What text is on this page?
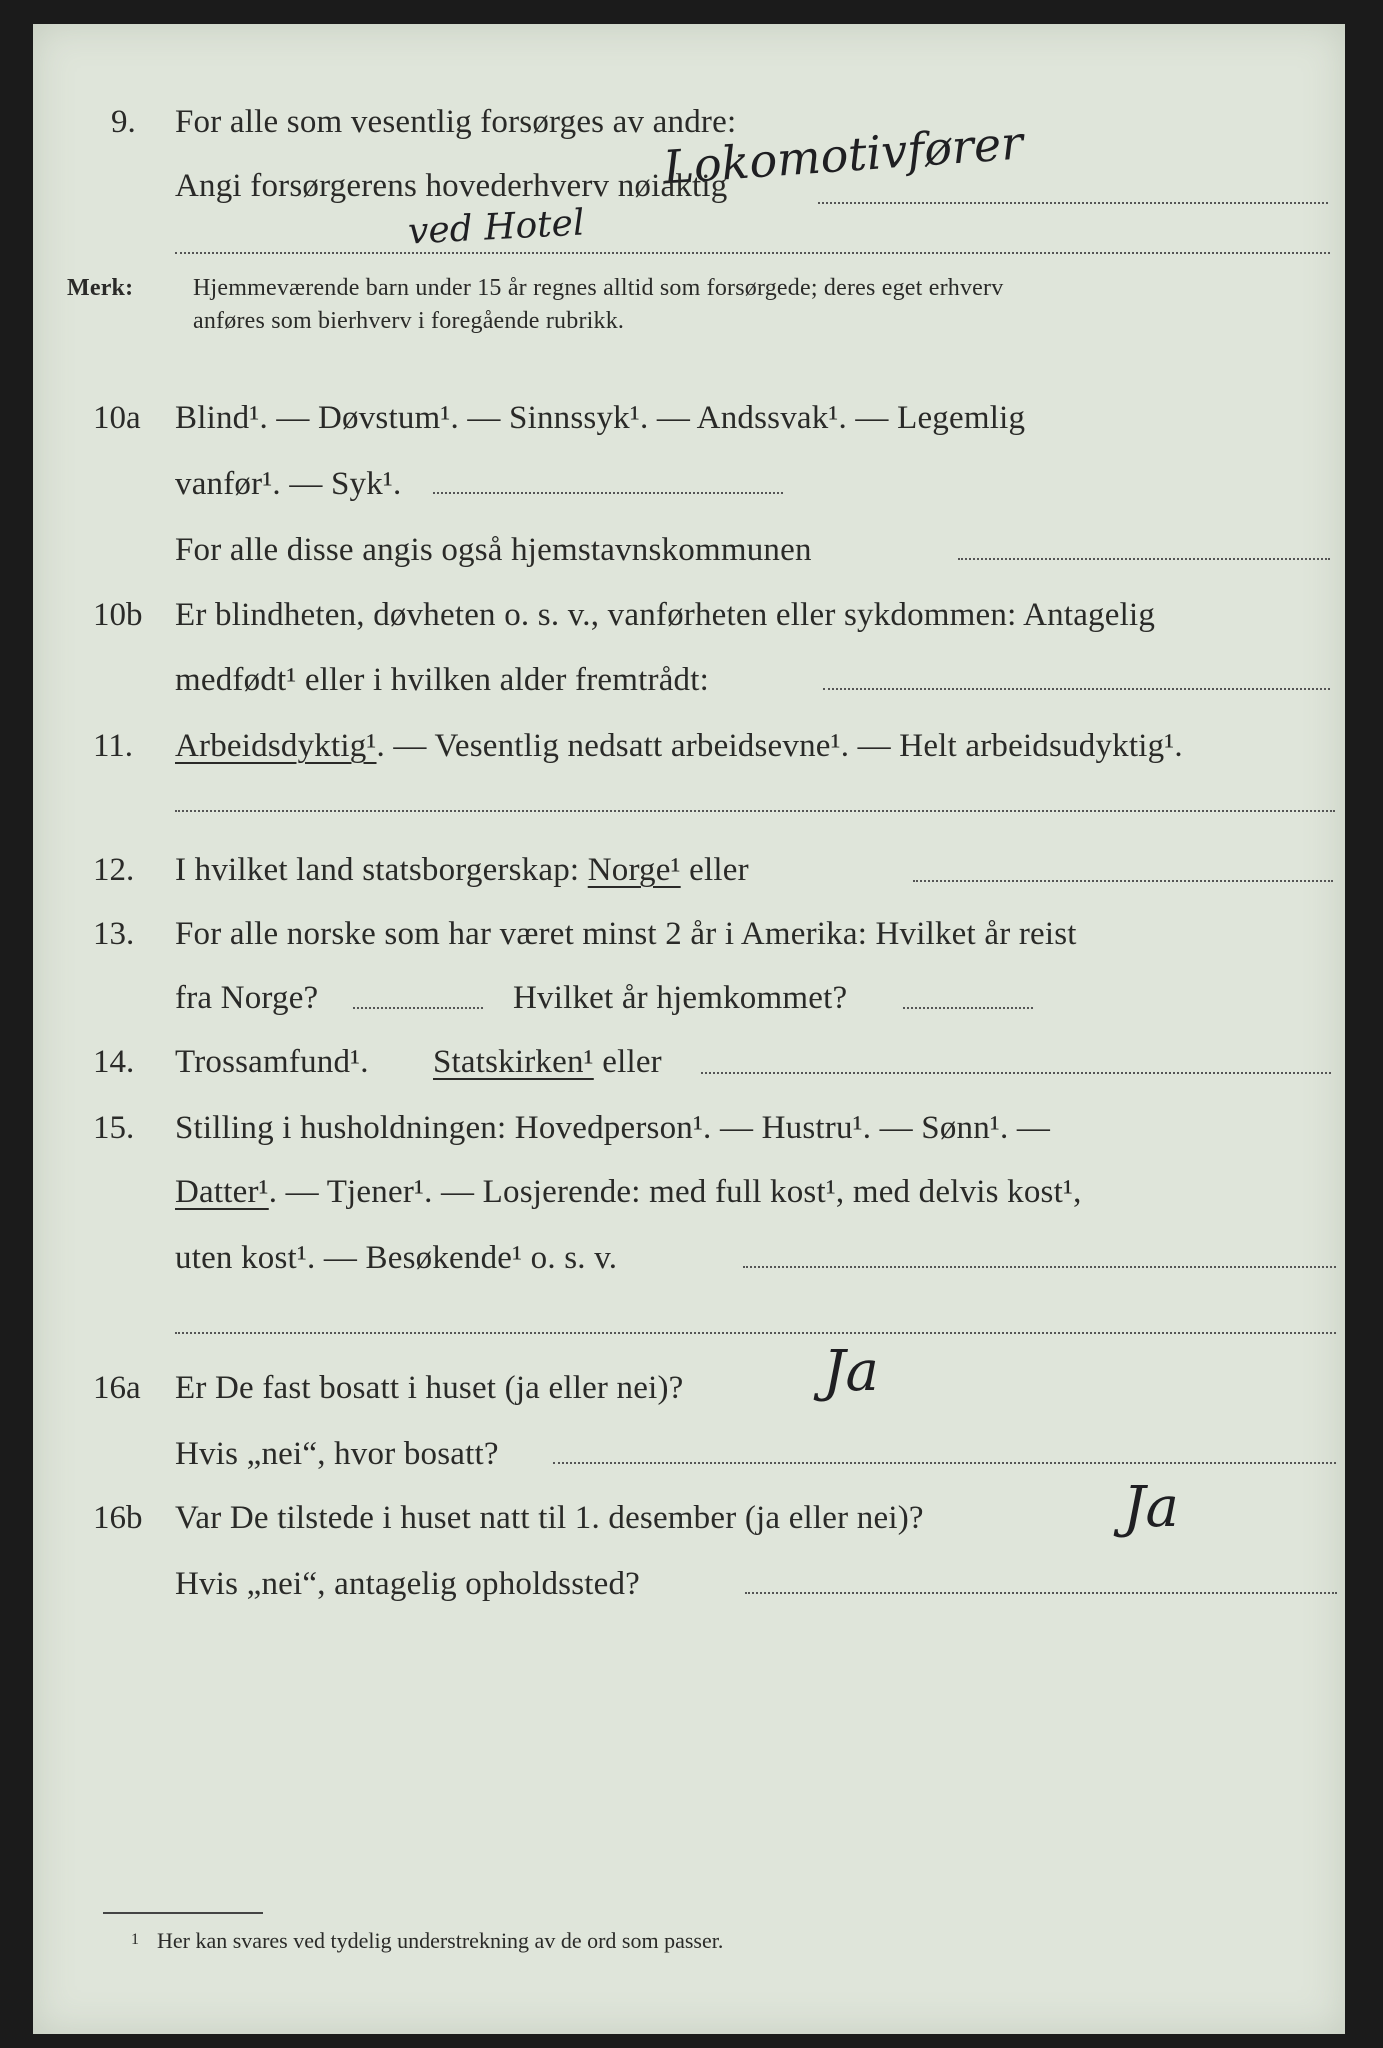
9. For alle som vesentlig forsørges av andre:
Lokomotivfører
Angi forsørgerens hovederhverv nøiaktig
ved Hotel
Merk: Hjemmeværende barn under 15 år regnes alltid som forsørgede; deres eget erhverv
anføres som bierhverv i foregående rubrikk.
10a Blind¹. — Døvstum¹. — Sinnssyk¹. — Andssvak¹. — Legemlig
vanfør¹. — Syk¹.
For alle disse angis også hjemstavnskommunen
10b Er blindheten, døvheten o. s. v., vanførheten eller sykdommen: Antagelig
medfødt¹ eller i hvilken alder fremtrådt:
11. Arbeidsdyktig¹. — Vesentlig nedsatt arbeidsevne¹. — Helt arbeidsudyktig¹.
12. I hvilket land statsborgerskap: Norge¹ eller
13. For alle norske som har været minst 2 år i Amerika: Hvilket år reist
fra Norge?	Hvilket år hjemkommet?
14. Trossamfund¹. Statskirken¹ eller
15. Stilling i husholdningen: Hovedperson¹. — Hustru¹. — Sønn¹. —
Datter¹. — Tjener¹. — Losjerende: med full kost¹, med delvis kost¹,
uten kost¹. — Besøkende¹ o. s. v.
16a Er De fast bosatt i huset (ja eller nei)? Ja
Hvis „nei“, hvor bosatt?
16b Var De tilstede i huset natt til 1. desember (ja eller nei)?	Ja
Hvis „nei“, antagelig opholdssted?
1 Her kan svares ved tydelig understrekning av de ord som passer.
